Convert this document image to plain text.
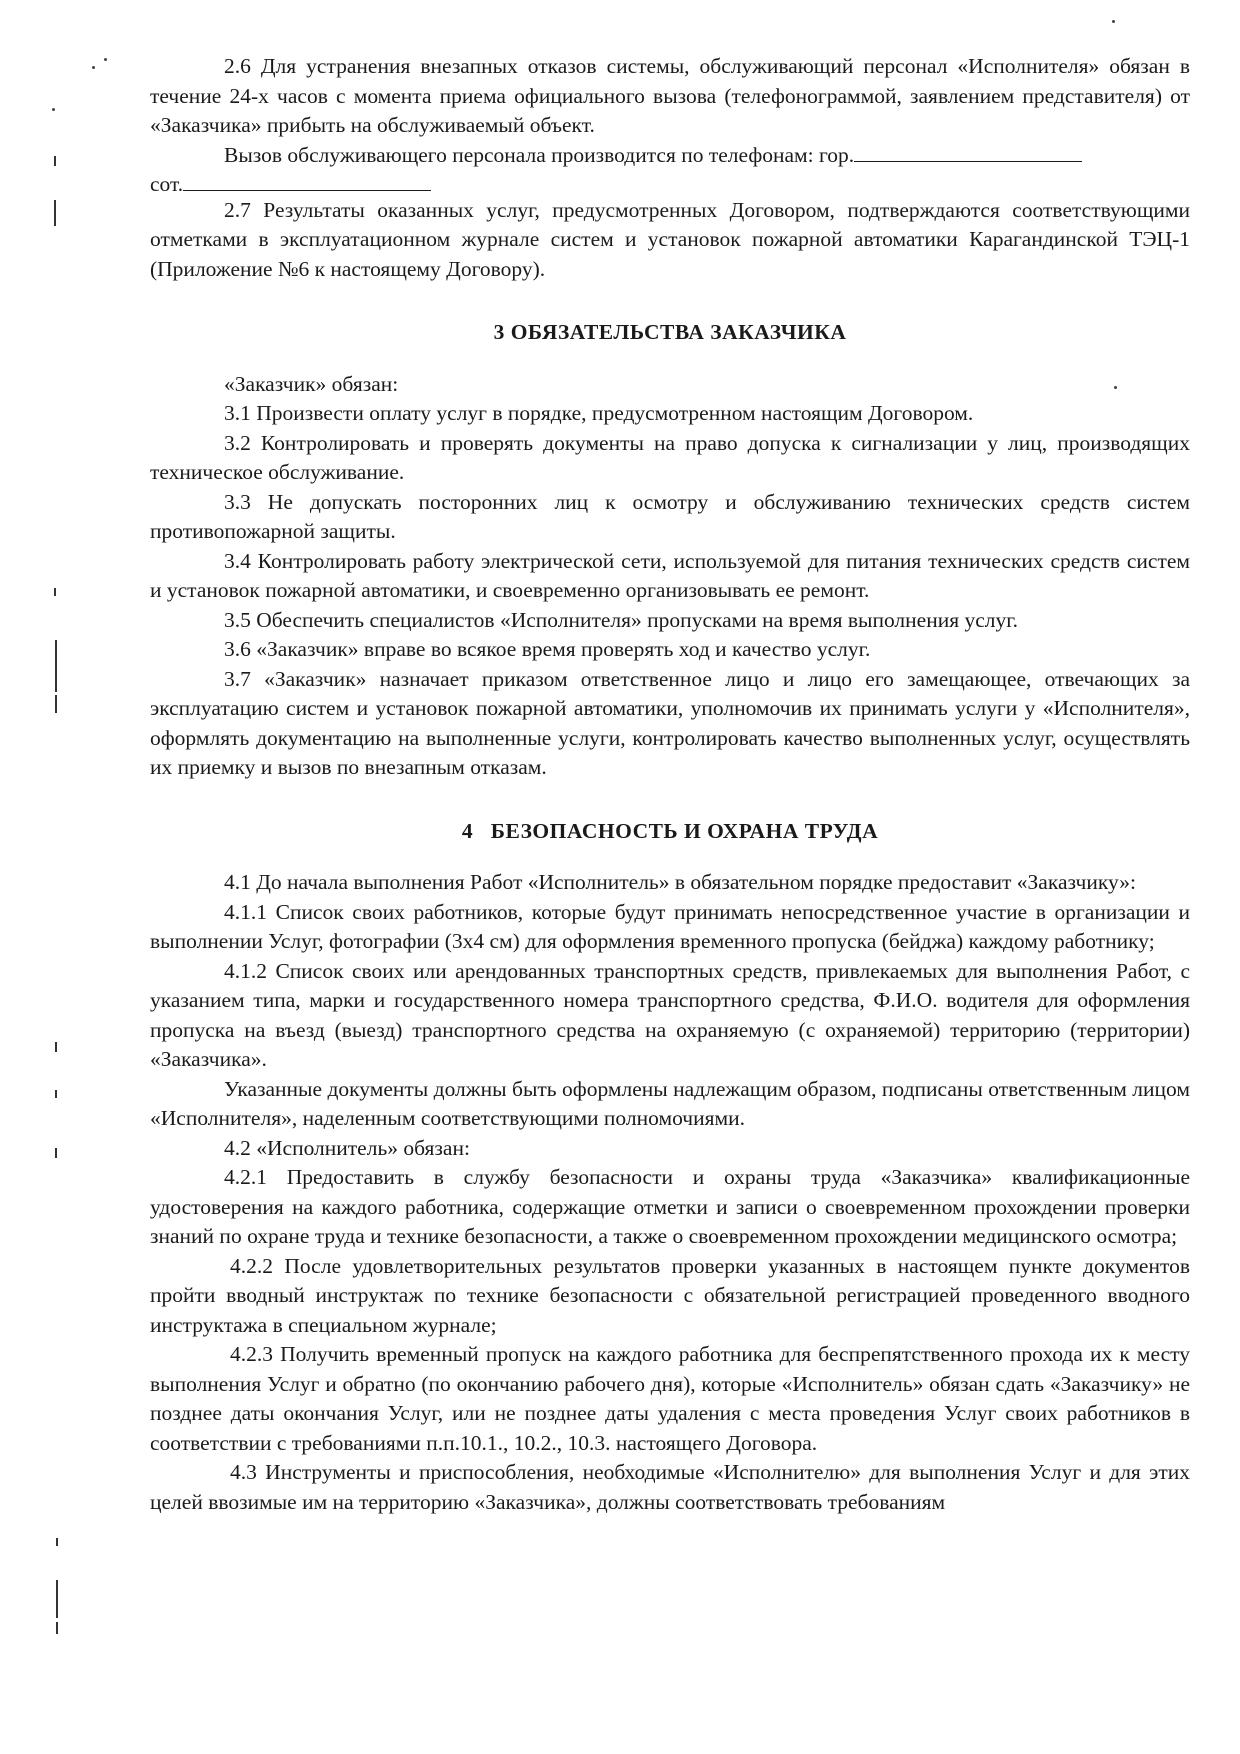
2.6 Для устранения внезапных отказов системы, обслуживающий персонал «Исполнителя» обязан в течение 24-х часов с момента приема официального вызова (телефонограммой, заявлением представителя) от «Заказчика» прибыть на обслуживаемый объект.

Вызов обслуживающего персонала производится по телефонам: гор.

сот.

2.7 Результаты оказанных услуг, предусмотренных Договором, подтверждаются соответствующими отметками в эксплуатационном журнале систем и установок пожарной автоматики Карагандинской ТЭЦ-1 (Приложение №6 к настоящему Договору).

3 ОБЯЗАТЕЛЬСТВА ЗАКАЗЧИКА

«Заказчик» обязан:

3.1 Произвести оплату услуг в порядке, предусмотренном настоящим Договором.

3.2 Контролировать и проверять документы на право допуска к сигнализации у лиц, производящих техническое обслуживание.

3.3 Не допускать посторонних лиц к осмотру и обслуживанию технических средств систем противопожарной защиты.

3.4 Контролировать работу электрической сети, используемой для питания технических средств систем и установок пожарной автоматики, и своевременно организовывать ее ремонт.

3.5 Обеспечить специалистов «Исполнителя» пропусками на время выполнения услуг.

3.6 «Заказчик» вправе во всякое время проверять ход и качество услуг.

3.7 «Заказчик» назначает приказом ответственное лицо и лицо его замещающее, отвечающих за эксплуатацию систем и установок пожарной автоматики, уполномочив их принимать услуги у «Исполнителя», оформлять документацию на выполненные услуги, контролировать качество выполненных услуг, осуществлять их приемку и вызов по внезапным отказам.

4   БЕЗОПАСНОСТЬ И ОХРАНА ТРУДА

4.1 До начала выполнения Работ «Исполнитель» в обязательном порядке предоставит «Заказчику»:

4.1.1 Список своих работников, которые будут принимать непосредственное участие в организации и выполнении Услуг, фотографии (3х4 см) для оформления временного пропуска (бейджа) каждому работнику;

4.1.2 Список своих или арендованных транспортных средств, привлекаемых для выполнения Работ, с указанием типа, марки и государственного номера транспортного средства, Ф.И.О. водителя для оформления пропуска на въезд (выезд) транспортного средства на охраняемую (с охраняемой) территорию (территории) «Заказчика».

Указанные документы должны быть оформлены надлежащим образом, подписаны ответственным лицом «Исполнителя», наделенным соответствующими полномочиями.

4.2 «Исполнитель» обязан:

4.2.1 Предоставить в службу безопасности и охраны труда «Заказчика» квалификационные удостоверения на каждого работника, содержащие отметки и записи о своевременном прохождении проверки знаний по охране труда и технике безопасности, а также о своевременном прохождении медицинского осмотра;

4.2.2 После удовлетворительных результатов проверки указанных в настоящем пункте документов пройти вводный инструктаж по технике безопасности с обязательной регистрацией проведенного вводного инструктажа в специальном журнале;

4.2.3 Получить временный пропуск на каждого работника для беспрепятственного прохода их к месту выполнения Услуг и обратно (по окончанию рабочего дня), которые «Исполнитель» обязан сдать «Заказчику» не позднее даты окончания Услуг, или не позднее даты удаления с места проведения Услуг своих работников в соответствии с требованиями п.п.10.1., 10.2., 10.3. настоящего Договора.

4.3 Инструменты и приспособления, необходимые «Исполнителю» для выполнения Услуг и для этих целей ввозимые им на территорию «Заказчика», должны соответствовать требованиям
